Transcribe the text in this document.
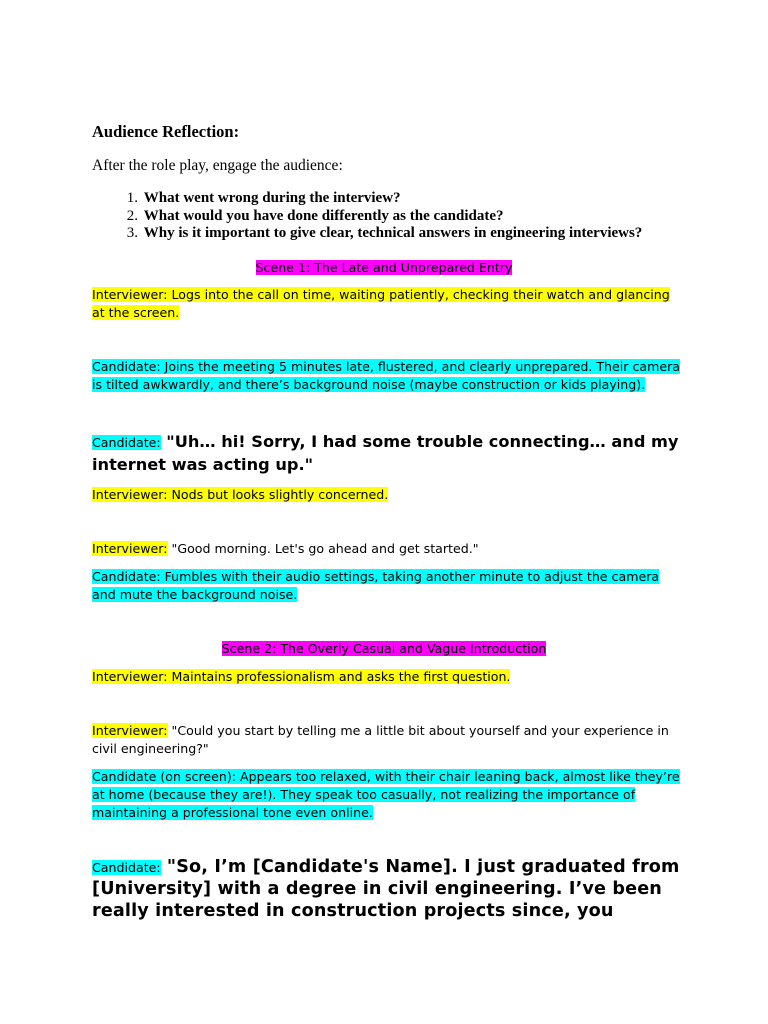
Audience Reflection:
After the role play, engage the audience:
1. What went wrong during the interview?
2. What would you have done differently as the candidate?
3. Why is it important to give clear, technical answers in engineering interviews?
Scene 1: The Late and Unprepared Entry
Interviewer: Logs into the call on time, waiting patiently, checking their watch and glancing at the screen.
Candidate: Joins the meeting 5 minutes late, flustered, and clearly unprepared. Their camera is tilted awkwardly, and there’s background noise (maybe construction or kids playing).
Candidate: "Uh… hi! Sorry, I had some trouble connecting… and my internet was acting up."
Interviewer: Nods but looks slightly concerned.
Interviewer: "Good morning. Let's go ahead and get started."
Candidate: Fumbles with their audio settings, taking another minute to adjust the camera and mute the background noise.
Scene 2: The Overly Casual and Vague Introduction
Interviewer: Maintains professionalism and asks the first question.
Interviewer: "Could you start by telling me a little bit about yourself and your experience in civil engineering?"
Candidate (on screen): Appears too relaxed, with their chair leaning back, almost like they’re at home (because they are!). They speak too casually, not realizing the importance of maintaining a professional tone even online.
Candidate: "So, I’m [Candidate's Name]. I just graduated from [University] with a degree in civil engineering. I’ve been really interested in construction projects since, you
